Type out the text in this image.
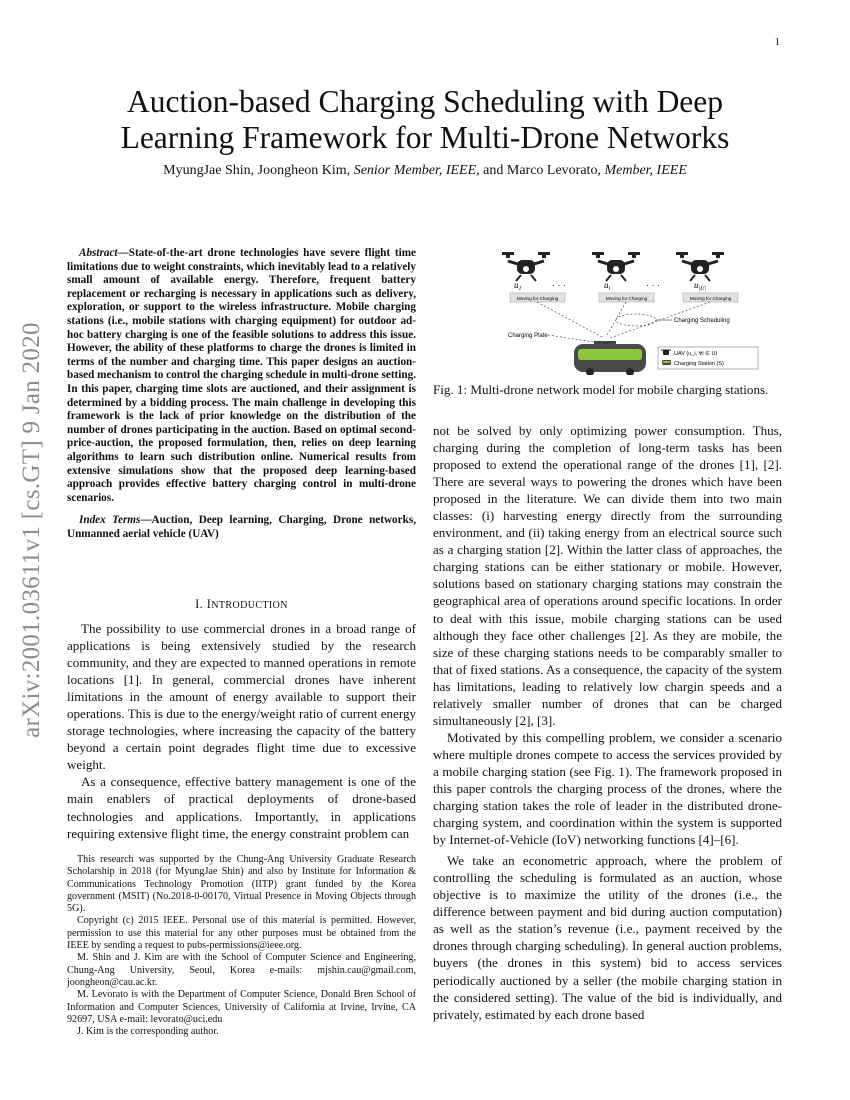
1
arXiv:2001.03611v1 [cs.GT] 9 Jan 2020
Auction-based Charging Scheduling with Deep
Learning Framework for Multi-Drone Networks
MyungJae Shin, Joongheon Kim, Senior Member, IEEE, and Marco Levorato, Member, IEEE

Abstract—State-of-the-art drone technologies have severe flight time limitations due to weight constraints, which inevitably lead to a relatively small amount of available energy. Therefore, frequent battery replacement or recharging is necessary in applications such as delivery, exploration, or support to the wireless infrastructure. Mobile charging stations (i.e., mobile stations with charging equipment) for outdoor ad-hoc battery charging is one of the feasible solutions to address this issue. However, the ability of these platforms to charge the drones is limited in terms of the number and charging time. This paper designs an auction-based mechanism to control the charging schedule in multi-drone setting. In this paper, charging time slots are auctioned, and their assignment is determined by a bidding process. The main challenge in developing this framework is the lack of prior knowledge on the distribution of the number of drones participating in the auction. Based on optimal second-price-auction, the proposed formulation, then, relies on deep learning algorithms to learn such distribution online. Numerical results from extensive simulations show that the proposed deep learning-based approach provides effective battery charging control in multi-drone scenarios.

Index Terms—Auction, Deep learning, Charging, Drone networks, Unmanned aerial vehicle (UAV)

I. INTRODUCTION

The possibility to use commercial drones in a broad range of applications is being extensively studied by the research community, and they are expected to manned operations in remote locations [1]. In general, commercial drones have inherent limitations in the amount of energy available to support their operations. This is due to the energy/weight ratio of current energy storage technologies, where increasing the capacity of the battery beyond a certain point degrades flight time due to excessive weight.

As a consequence, effective battery management is one of the main enablers of practical deployments of drone-based technologies and applications. Importantly, in applications requiring extensive flight time, the energy constraint problem can

This research was supported by the Chung-Ang University Graduate Research Scholarship in 2018 (for MyungJae Shin) and also by Institute for Information & Communications Technology Promotion (IITP) grant funded by the Korea government (MSIT) (No.2018-0-00170, Virtual Presence in Moving Objects through 5G).

Copyright (c) 2015 IEEE. Personal use of this material is permitted. However, permission to use this material for any other purposes must be obtained from the IEEE by sending a request to pubs-permissions@ieee.org.

M. Shin and J. Kim are with the School of Computer Science and Engineering, Chung-Ang University, Seoul, Korea e-mails: mjshin.cau@gmail.com, joongheon@cau.ac.kr.

M. Levorato is with the Department of Computer Science, Donald Bren School of Information and Computer Sciences, University of California at Irvine, Irvine, CA 92697, USA e-mail: levorato@uci.edu

J. Kim is the corresponding author.

$u_1$	$u_i$	$u_{|U|}$
· · ·	· · ·
Moving for Charging	Moving for Charging	Moving for Charging
Charging Scheduling
Charging Plate
UAV (u_i, ∀i ∈ U)
Charging Station (S)
Fig. 1: Multi-drone network model for mobile charging stations.

not be solved by only optimizing power consumption. Thus, charging during the completion of long-term tasks has been proposed to extend the operational range of the drones [1], [2]. There are several ways to powering the drones which have been proposed in the literature. We can divide them into two main classes: (i) harvesting energy directly from the surrounding environment, and (ii) taking energy from an electrical source such as a charging station [2]. Within the latter class of approaches, the charging stations can be either stationary or mobile. However, solutions based on stationary charging stations may constrain the geographical area of operations around specific locations. In order to deal with this issue, mobile charging stations can be used although they face other challenges [2]. As they are mobile, the size of these charging stations needs to be comparably smaller to that of fixed stations. As a consequence, the capacity of the system has limitations, leading to relatively low chargin speeds and a relatively smaller number of drones that can be charged simultaneously [2], [3].

Motivated by this compelling problem, we consider a scenario where multiple drones compete to access the services provided by a mobile charging station (see Fig. 1). The framework proposed in this paper controls the charging process of the drones, where the charging station takes the role of leader in the distributed drone-charging system, and coordination within the system is supported by Internet-of-Vehicle (IoV) networking functions [4]–[6].

We take an econometric approach, where the problem of controlling the scheduling is formulated as an auction, whose objective is to maximize the utility of the drones (i.e., the difference between payment and bid during auction computation) as well as the station’s revenue (i.e., payment received by the drones through charging scheduling). In general auction problems, buyers (the drones in this system) bid to access services periodically auctioned by a seller (the mobile charging station in the considered setting). The value of the bid is individually, and privately, estimated by each drone based
